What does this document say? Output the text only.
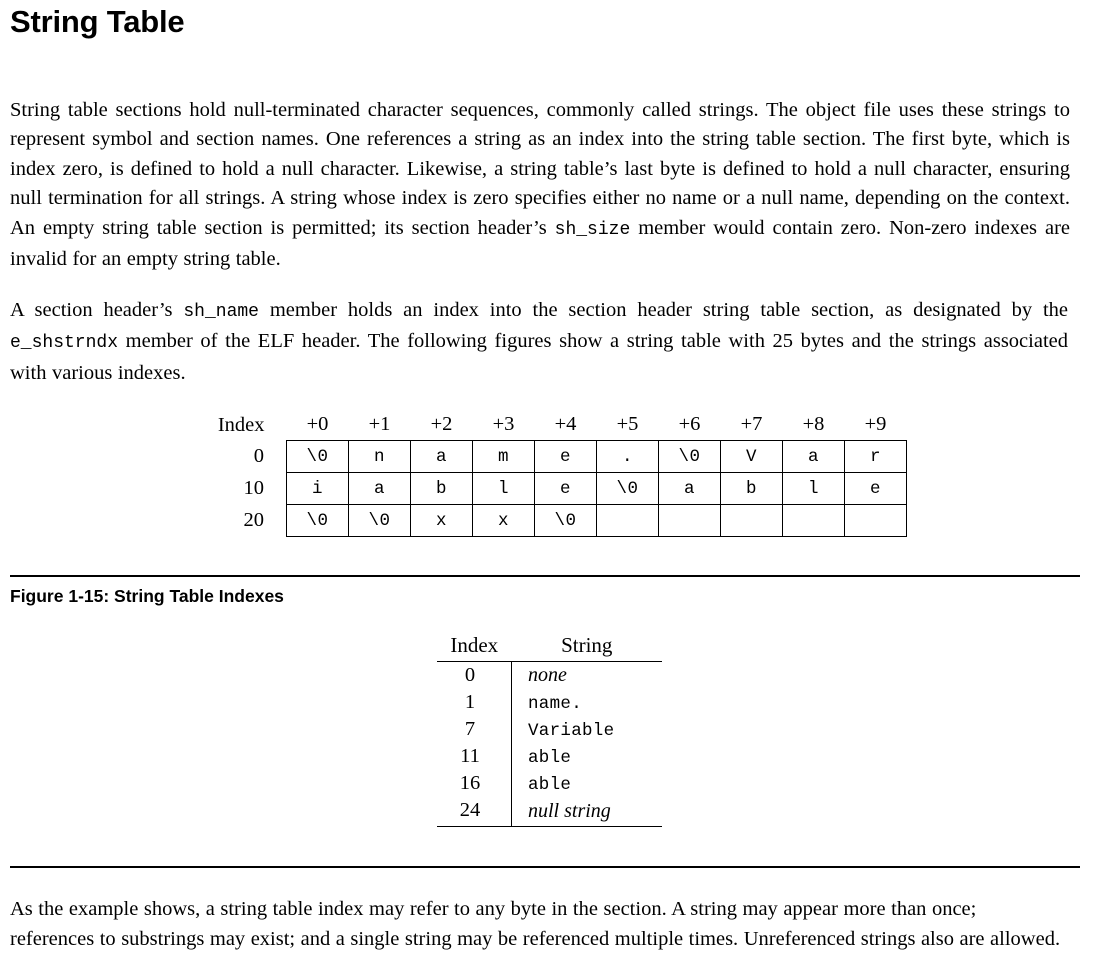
String Table

String table sections hold null-terminated character sequences, commonly called strings. The object file uses these strings to represent symbol and section names. One references a string as an index into the string table section. The first byte, which is index zero, is defined to hold a null character. Likewise, a string table’s last byte is defined to hold a null character, ensuring null termination for all strings. A string whose index is zero specifies either no name or a null name, depending on the context. An empty string table section is permitted; its section header’s sh_size member would contain zero. Non-zero indexes are invalid for an empty string table.

A section header’s sh_name member holds an index into the section header string table section, as designated by the e_shstrndx member of the ELF header. The following figures show a string table with 25 bytes and the strings associated with various indexes.

Index	+0	+1	+2	+3	+4	+5	+6	+7	+8	+9
0	\0	n	a	m	e	.	\0	V	a	r
10	i	a	b	l	e	\0	a	b	l	e
20	\0	\0	x	x	\0					
Figure 1-15: String Table Indexes
Index	String
0	none
1	name.
7	Variable
11	able
16	able
24	null string

As the example shows, a string table index may refer to any byte in the section. A string may appear more than once; references to substrings may exist; and a single string may be referenced multiple times. Unreferenced strings also are allowed.
